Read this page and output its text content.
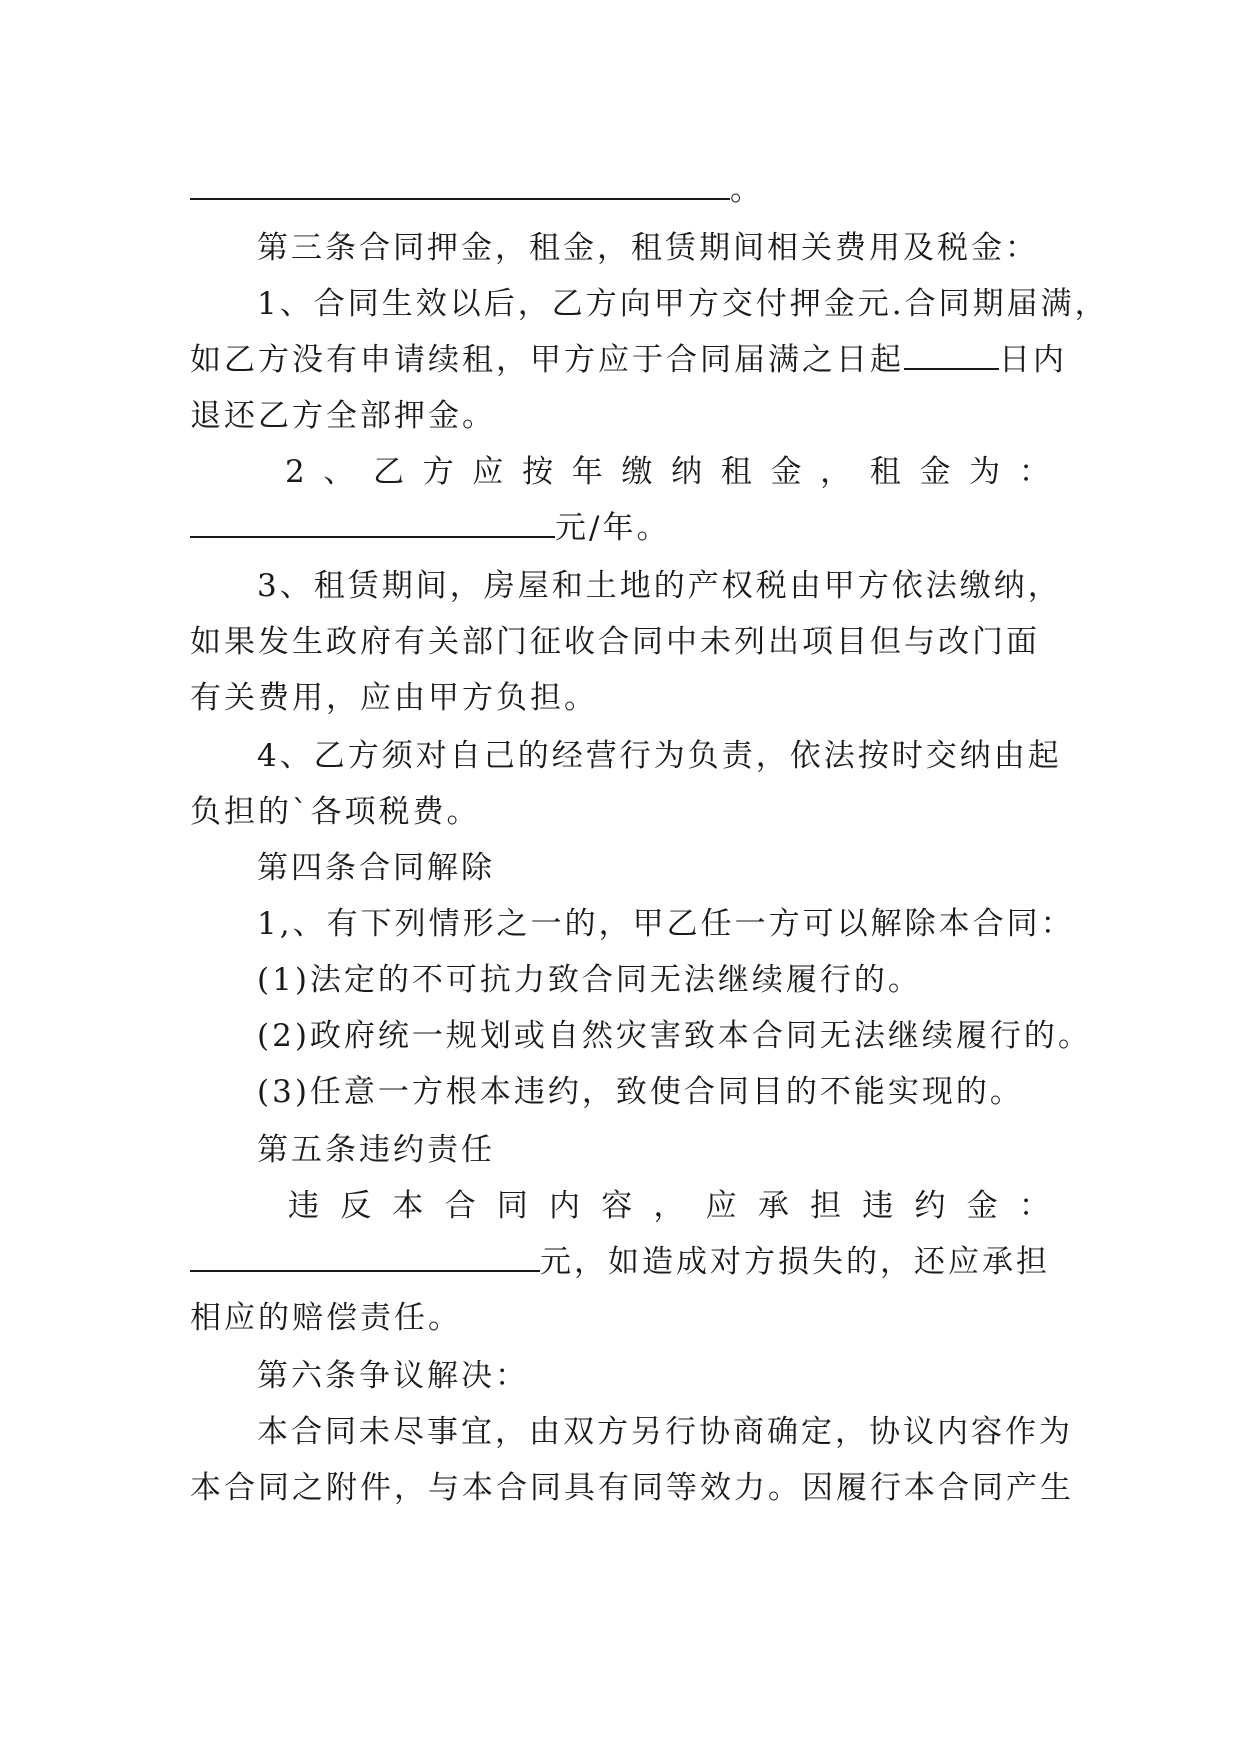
。
第三条合同押金，租金，租赁期间相关费用及税金：
1、合同生效以后，乙方向甲方交付押金元.合同期届满，
如乙方没有申请续租，甲方应于合同届满之日起	日内
退还乙方全部押金。
2 、 乙 方 应 按 年 缴 纳 租 金 ， 租 金 为 ：
元/年。
3、租赁期间，房屋和土地的产权税由甲方依法缴纳，
如果发生政府有关部门征收合同中未列出项目但与改门面
有关费用，应由甲方负担。
4、乙方须对自己的经营行为负责，依法按时交纳由起
负担的`各项税费。
第四条合同解除
1,、有下列情形之一的，甲乙任一方可以解除本合同：
(1)法定的不可抗力致合同无法继续履行的。
(2)政府统一规划或自然灾害致本合同无法继续履行的。
(3)任意一方根本违约，致使合同目的不能实现的。
第五条违约责任
违 反 本 合 同 内 容 ， 应 承 担 违 约 金 ：
元，如造成对方损失的，还应承担
相应的赔偿责任。
第六条争议解决：
本合同未尽事宜，由双方另行协商确定，协议内容作为
本合同之附件，与本合同具有同等效力。因履行本合同产生
